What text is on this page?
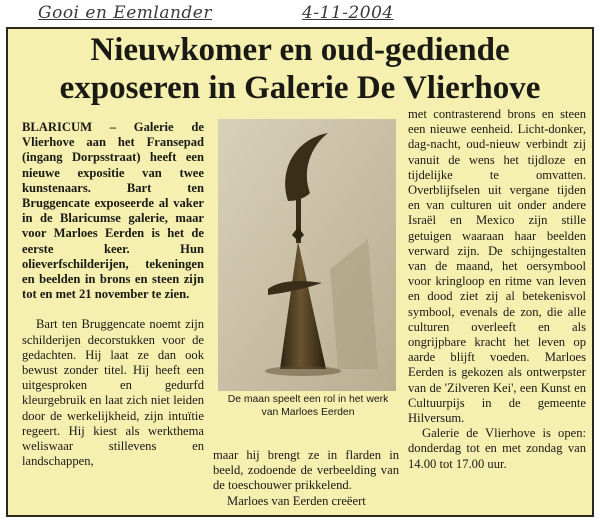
Gooi en Eemlander	4-11-2004
Nieuwkomer en oud-gediende
exposeren in Galerie De Vlierhove

BLARICUM – Galerie de Vlierhove aan het Fransepad (ingang Dorpsstraat) heeft een nieuwe expositie van twee kunstenaars. Bart ten Bruggencate exposeerde al vaker in de Blaricumse galerie, maar voor Marloes Eerden is het de eerste keer. Hun olieverfschilderijen, tekeningen en beelden in brons en steen zijn tot en met 21 november te zien.

Bart ten Bruggencate noemt zijn schilderijen decorstukken voor de gedachten. Hij laat ze dan ook bewust zonder titel. Hij heeft een uitgesproken en gedurfd kleurgebruik en laat zich niet leiden door de werkelijkheid, zijn intuïtie regeert. Hij kiest als werkthema weliswaar stillevens en landschappen,

De maan speelt een rol in het werk van Marloes Eerden

maar hij brengt ze in flarden in beeld, zodoende de verbeelding van de toeschouwer prikkelend.

Marloes van Eerden creëert

met contrasterend brons en steen een nieuwe eenheid. Licht-donker, dag-nacht, oud-nieuw verbindt zij vanuit de wens het tijdloze en tijdelijke te omvatten. Overblijfselen uit vergane tijden en van culturen uit onder andere Israël en Mexico zijn stille getuigen waaraan haar beelden verward zijn. De schijngestalten van de maand, het oersymbool voor kringloop en ritme van leven en dood ziet zij al betekenisvol symbool, evenals de zon, die alle culturen overleeft en als ongrijpbare kracht het leven op aarde blijft voeden. Marloes Eerden is gekozen als ontwerpster van de 'Zilveren Kei', een Kunst en Cultuurpijs in de gemeente Hilversum.

Galerie de Vlierhove is open: donderdag tot en met zondag van 14.00 tot 17.00 uur.
